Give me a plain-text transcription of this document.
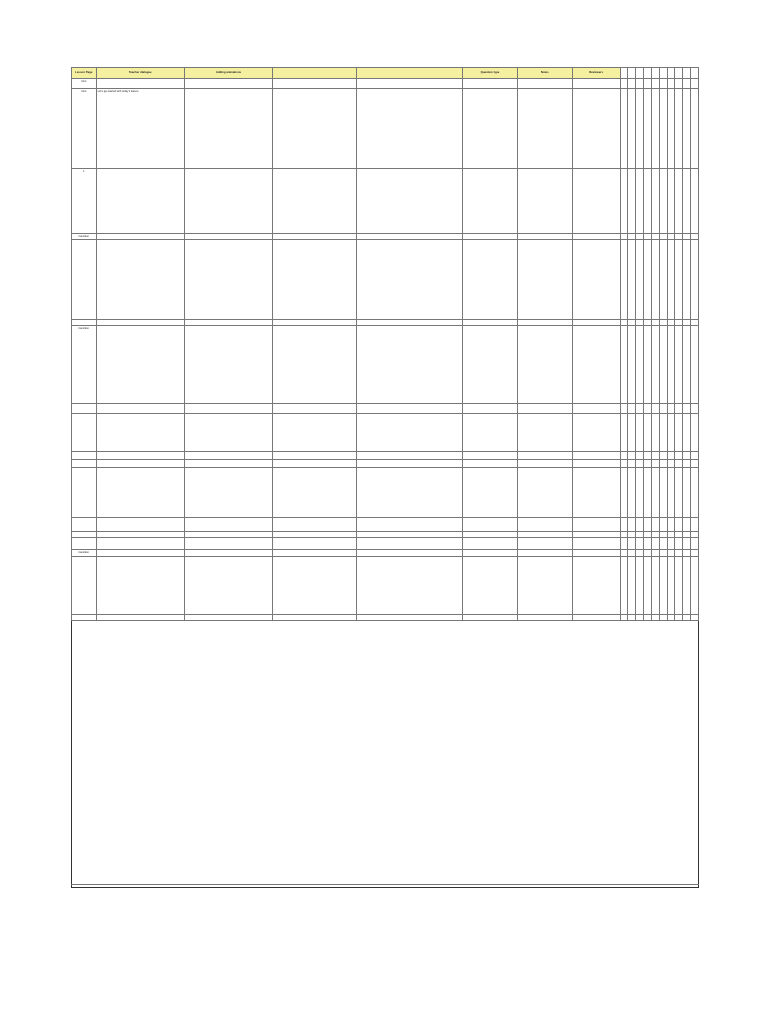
Lesson Page	Teacher dialogue	Adding animations			Question type	Notes	Reviewers										
Intro																	
Intro	Let's get started with today's lesson.																
1																	
transition																	

transition																	

transition																	
